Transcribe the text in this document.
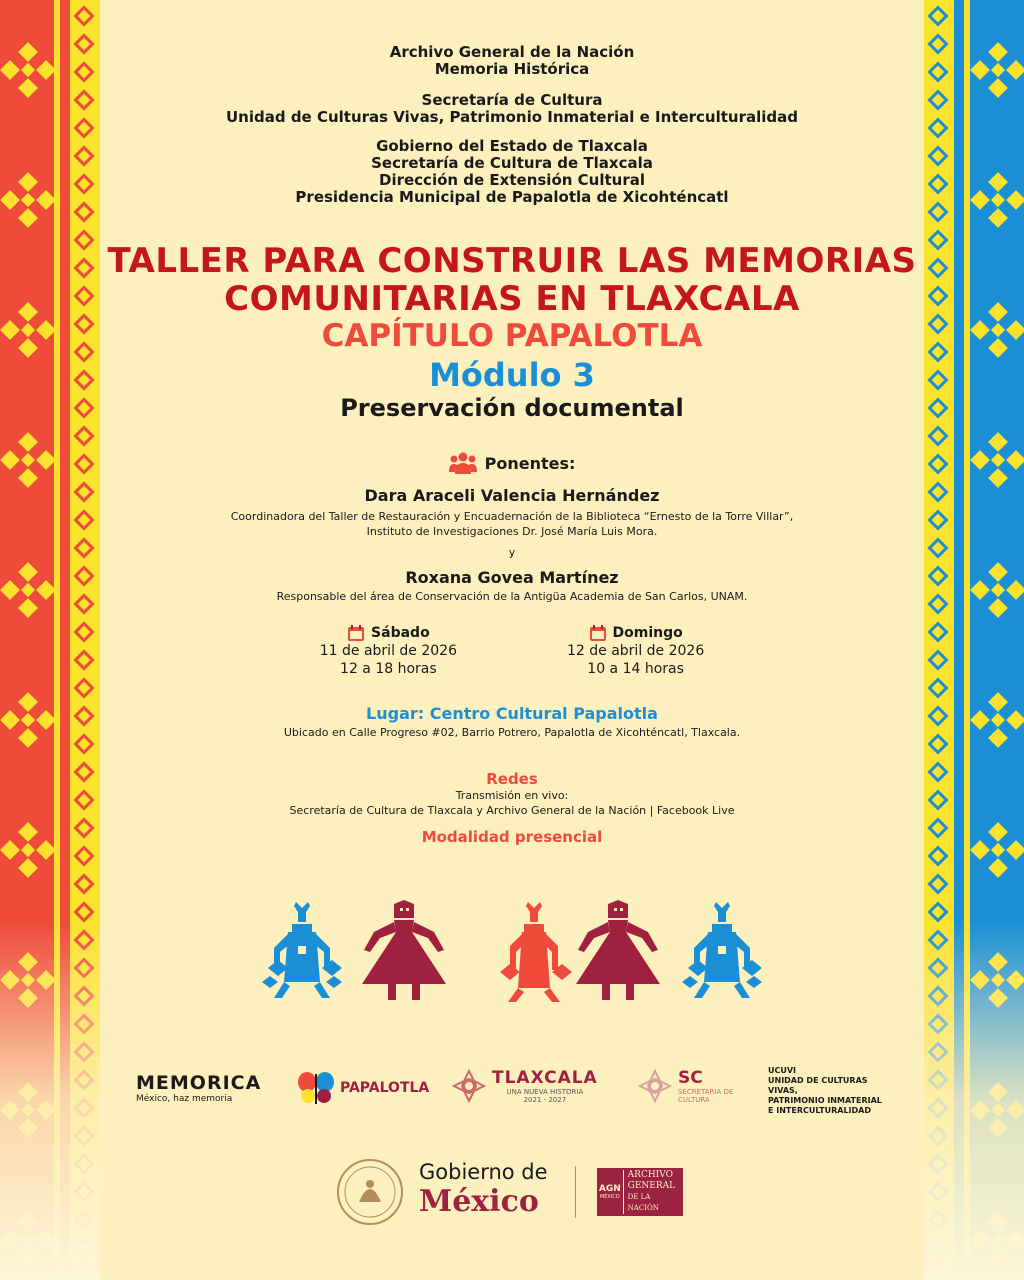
Archivo General de la Nación
Memoria Histórica
Secretaría de Cultura
Unidad de Culturas Vivas, Patrimonio Inmaterial e Interculturalidad
Gobierno del Estado de Tlaxcala
Secretaría de Cultura de Tlaxcala
Dirección de Extensión Cultural
Presidencia Municipal de Papalotla de Xicohténcatl
TALLER PARA CONSTRUIR LAS MEMORIAS
COMUNITARIAS EN TLAXCALA
CAPÍTULO PAPALOTLA
Módulo 3
Preservación documental
Ponentes:
Dara Araceli Valencia Hernández
Coordinadora del Taller de Restauración y Encuadernación de la Biblioteca “Ernesto de la Torre Villar”,
Instituto de Investigaciones Dr. José María Luis Mora.
y
Roxana Govea Martínez
Responsable del área de Conservación de la Antigüa Academia de San Carlos, UNAM.
Sábado
11 de abril de 2026
12 a 18 horas
Domingo
12 de abril de 2026
10 a 14 horas
Lugar: Centro Cultural Papalotla
Ubicado en Calle Progreso #02, Barrio Potrero, Papalotla de Xicohténcatl, Tlaxcala.
Redes
Transmisión en vivo:
Secretaría de Cultura de Tlaxcala y Archivo General de la Nación | Facebook Live
Modalidad presencial
MEMORICA
México, haz memoria
PAPALOTLA	TLAXCALA
UNA NUEVA HISTORIA
2021 - 2027
SC
SECRETARÍA DE
CULTURA
UCUVI
UNIDAD DE CULTURAS VIVAS,
PATRIMONIO INMATERIAL
E INTERCULTURALIDAD
Gobierno de
México	AGN
MÉXICO
ARCHIVO
GENERAL
DE LA NACIÓN
